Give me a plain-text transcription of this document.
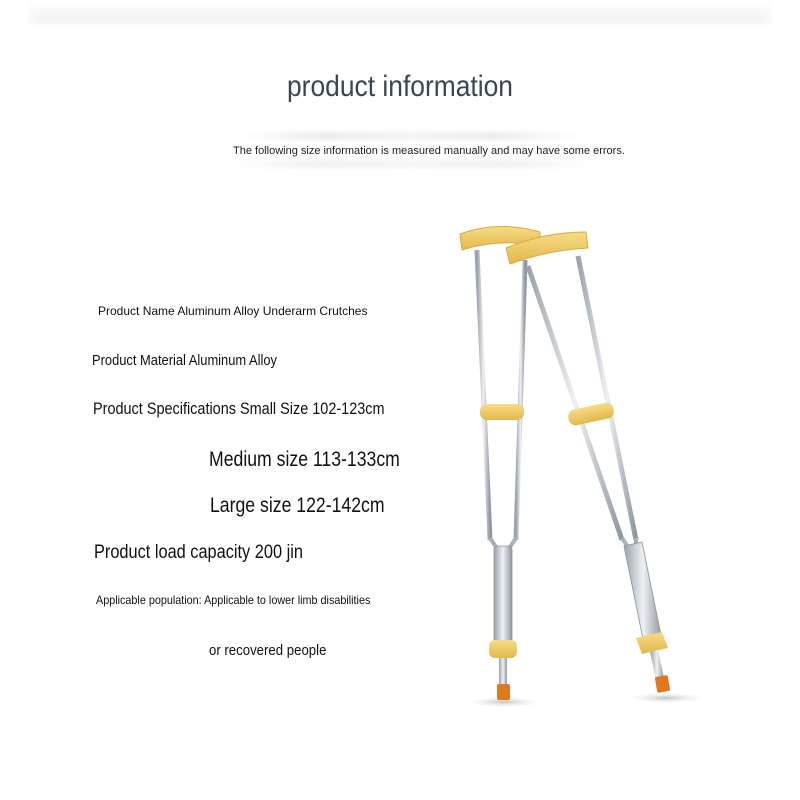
product information
The following size information is measured manually and may have some errors.
Product Name Aluminum Alloy Underarm Crutches
Product Material Aluminum Alloy
Product Specifications Small Size 102-123cm
Medium size 113-133cm
Large size 122-142cm
Product load capacity 200 jin
Applicable population: Applicable to lower limb disabilities
or recovered people
